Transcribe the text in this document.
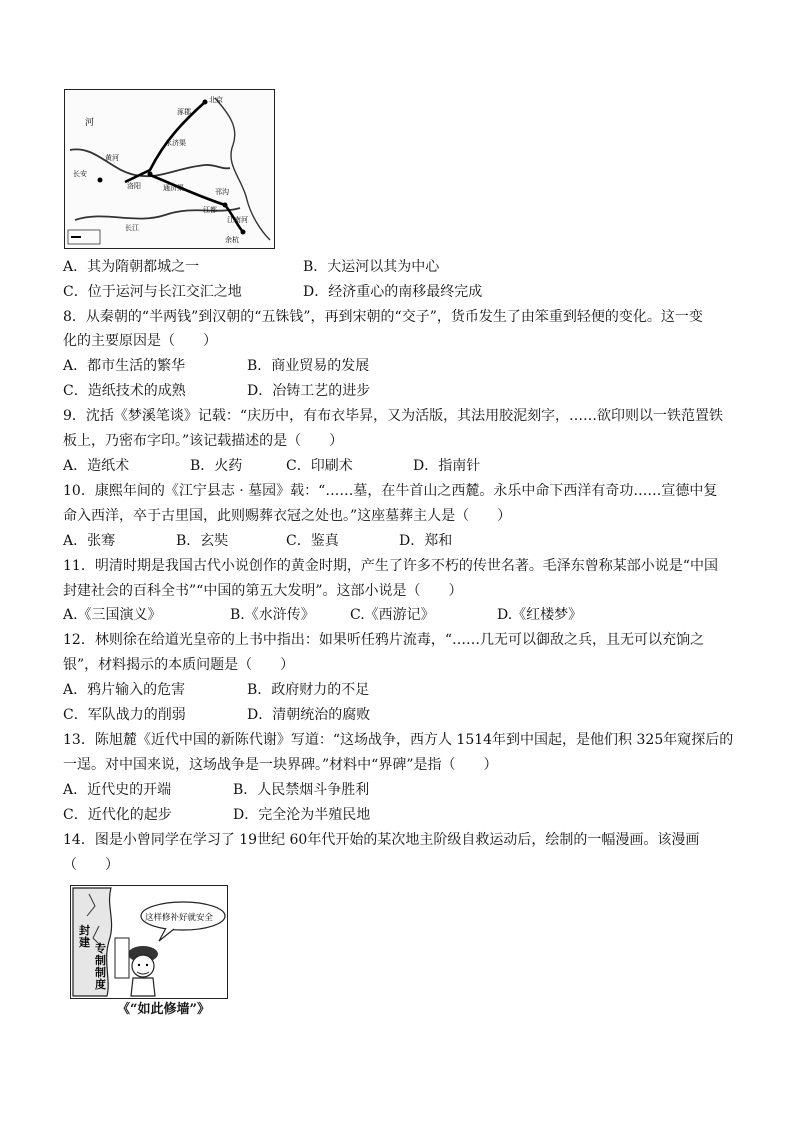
北京
涿郡
永济渠
洛阳	通济渠
长安
邗沟
江都
江南河
余杭
黄河
长江
河
A．其为隋朝都城之一	B．大运河以其为中心
C．位于运河与长江交汇之地	D．经济重心的南移最终完成
8．从秦朝的“半两钱”到汉朝的“五铢钱”，再到宋朝的“交子”，货币发生了由笨重到轻便的变化。这一变
化的主要原因是（　　）
A．都市生活的繁华	B．商业贸易的发展
C．造纸技术的成熟	D．冶铸工艺的进步
9．沈括《梦溪笔谈》记载：“庆历中，有布衣毕昇，又为活版，其法用胶泥刻字，……欲印则以一铁范置铁
板上，乃密布字印。”该记载描述的是（　　）
A．造纸术	B．火药	C．印刷术	D．指南针
10．康熙年间的《江宁县志 · 墓园》载：“……墓，在牛首山之西麓。永乐中命下西洋有奇功……宣德中复
命入西洋，卒于古里国，此则赐葬衣冠之处也。”这座墓葬主人是（　　）
A．张骞	B．玄奘	C．鉴真	D．郑和
11．明清时期是我国古代小说创作的黄金时期，产生了许多不朽的传世名著。毛泽东曾称某部小说是“中国
封建社会的百科全书”“中国的第五大发明”。这部小说是（　　）
A.《三国演义》	B.《水浒传》	C.《西游记》	D.《红楼梦》
12．林则徐在给道光皇帝的上书中指出：如果听任鸦片流毒，“……几无可以御敌之兵，且无可以充饷之
银”，材料揭示的本质问题是（　　）
A．鸦片输入的危害	B．政府财力的不足
C．军队战力的削弱	D．清朝统治的腐败
13．陈旭麓《近代中国的新陈代谢》写道：“这场战争，西方人 1514年到中国起，是他们积 325年窥探后的
一逞。对中国来说，这场战争是一块界碑。”材料中“界碑”是指（　　）
A．近代史的开端	B．人民禁烟斗争胜利
C．近代化的起步	D．完全沦为半殖民地
14．图是小曾同学在学习了 19世纪 60年代开始的某次地主阶级自救运动后，绘制的一幅漫画。该漫画
（　　）
这样修补好就安全
封
建 专
制
制
度
《“如此修墙”》
